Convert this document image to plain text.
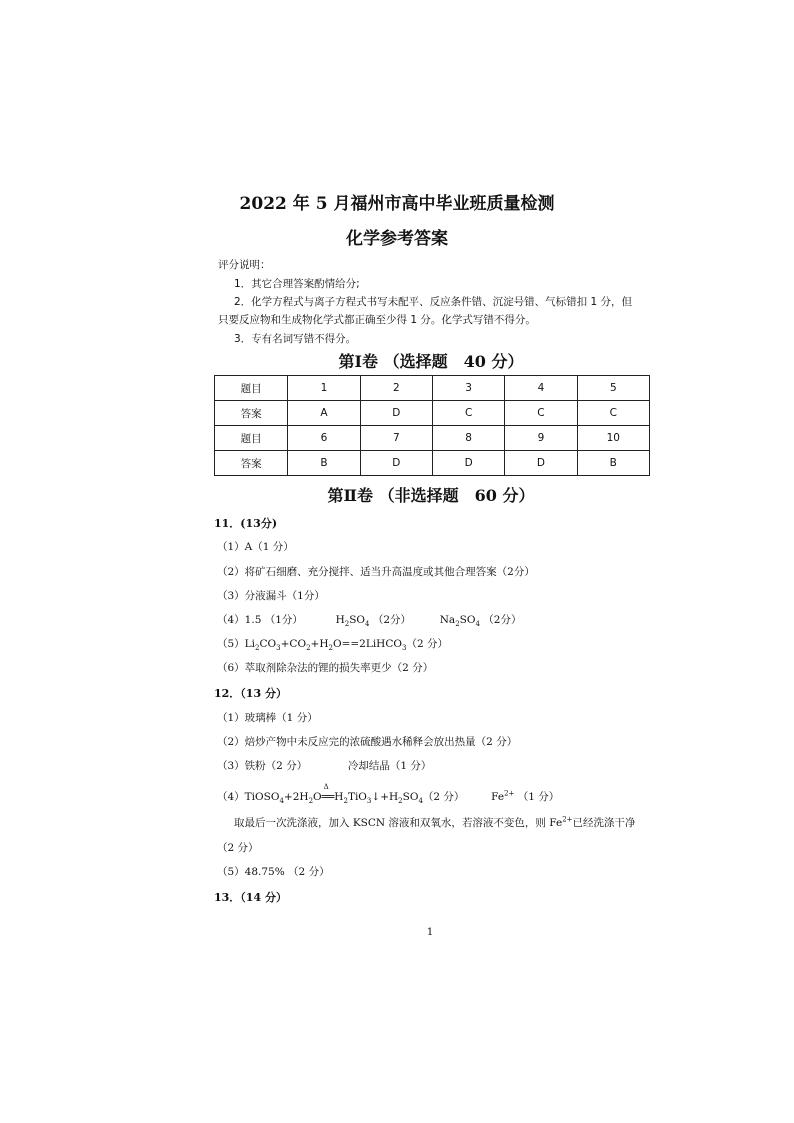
2022 年 5 月福州市高中毕业班质量检测
化学参考答案
评分说明：
1．其它合理答案酌情给分;
2．化学方程式与离子方程式书写未配平、反应条件错、沉淀号错、气标错扣 1 分，但
只要反应物和生成物化学式都正确至少得 1 分。化学式写错不得分。
3．专有名词写错不得分。
第Ⅰ卷 （选择题　40 分）
题目	1	2	3	4	5
答案	A	D	C	C	C
题目	6	7	8	9	10
答案	B	D	D	D	B
第Ⅱ卷 （非选择题　60 分）
11．(13分)
（1）A（1 分）
（2）将矿石细磨、充分搅拌、适当升高温度或其他合理答案（2分）
（3）分液漏斗（1分）
（4）1.5 （1分）	$H_2SO_4$ （2分）	$Na_2SO_4$ （2分）
$(5)Li_2CO_3+CO_2+H_2O==2LiHCO_3(2$ 分）
（6）萃取剂除杂法的锂的损失率更少（2 分）
12．（13 分）
（1）玻璃棒（1 分）
（2）焙炒产物中未反应完的浓硫酸遇水稀释会放出热量（2 分）
（3）铁粉（2 分）	冷却结晶（1 分）
$(4)TiOSO_4+2H_2O$
Δ
$══H_2TiO_3↓+H_2SO_4(2$ 分）	$Fe^{2+}$ （1 分）
取最后一次洗涤液，加入 KSCN 溶液和双氧水，若溶液不变色，则 $Fe^{2+}$已经洗涤干净
（2 分）
（5）48.75% （2 分）
13．（14 分）
1
